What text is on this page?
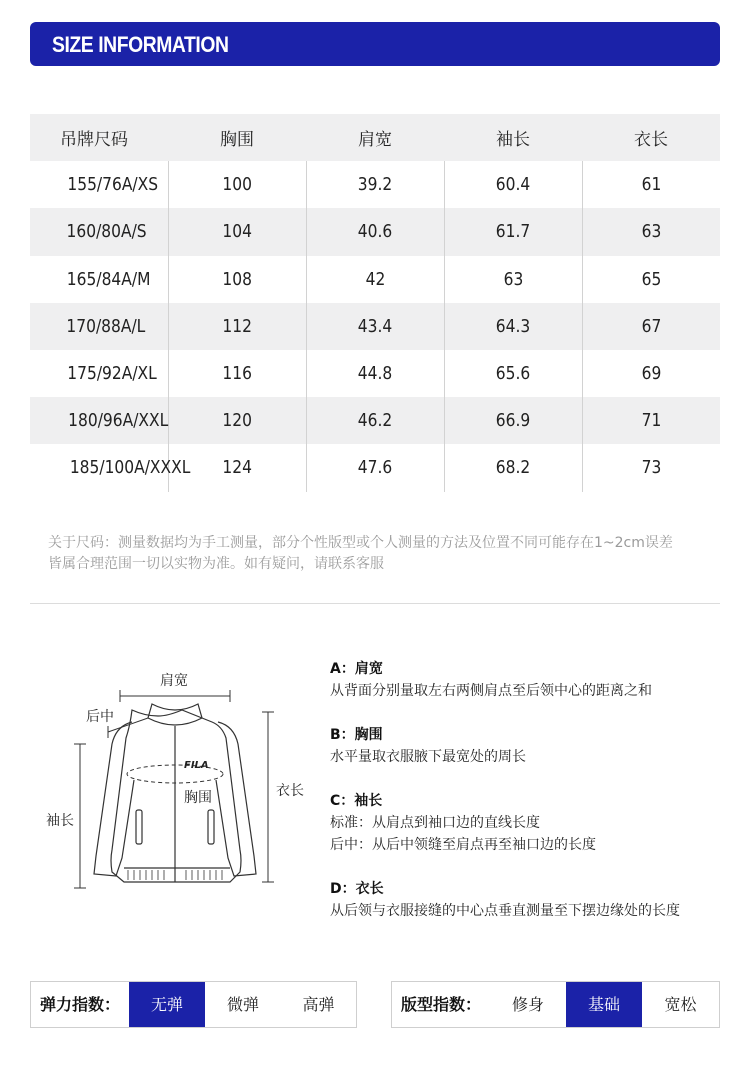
SIZE INFORMATION
吊牌尺码	胸围	肩宽	袖长	衣长
155/76A/XS	100	39.2	60.4	61
160/80A/S	104	40.6	61.7	63
165/84A/M	108	42	63	65
170/88A/L	112	43.4	64.3	67
175/92A/XL	116	44.8	65.6	69
180/96A/XXL	120	46.2	66.9	71
185/100A/XXXL	124	47.6	68.2	73
关于尺码：测量数据均为手工测量，部分个性版型或个人测量的方法及位置不同可能存在1~2cm误差
皆属合理范围一切以实物为准。如有疑问，请联系客服
肩宽
后中
FILA
胸围
袖长
衣长
A：肩宽
从背面分别量取左右两侧肩点至后领中心的距离之和
B：胸围
水平量取衣服腋下最宽处的周长
C：袖长
标准：从肩点到袖口边的直线长度
后中：从后中领缝至肩点再至袖口边的长度
D：衣长
从后领与衣服接缝的中心点垂直测量至下摆边缘处的长度
弹力指数：	无弹	微弹	高弹	版型指数：	修身	基础	宽松
